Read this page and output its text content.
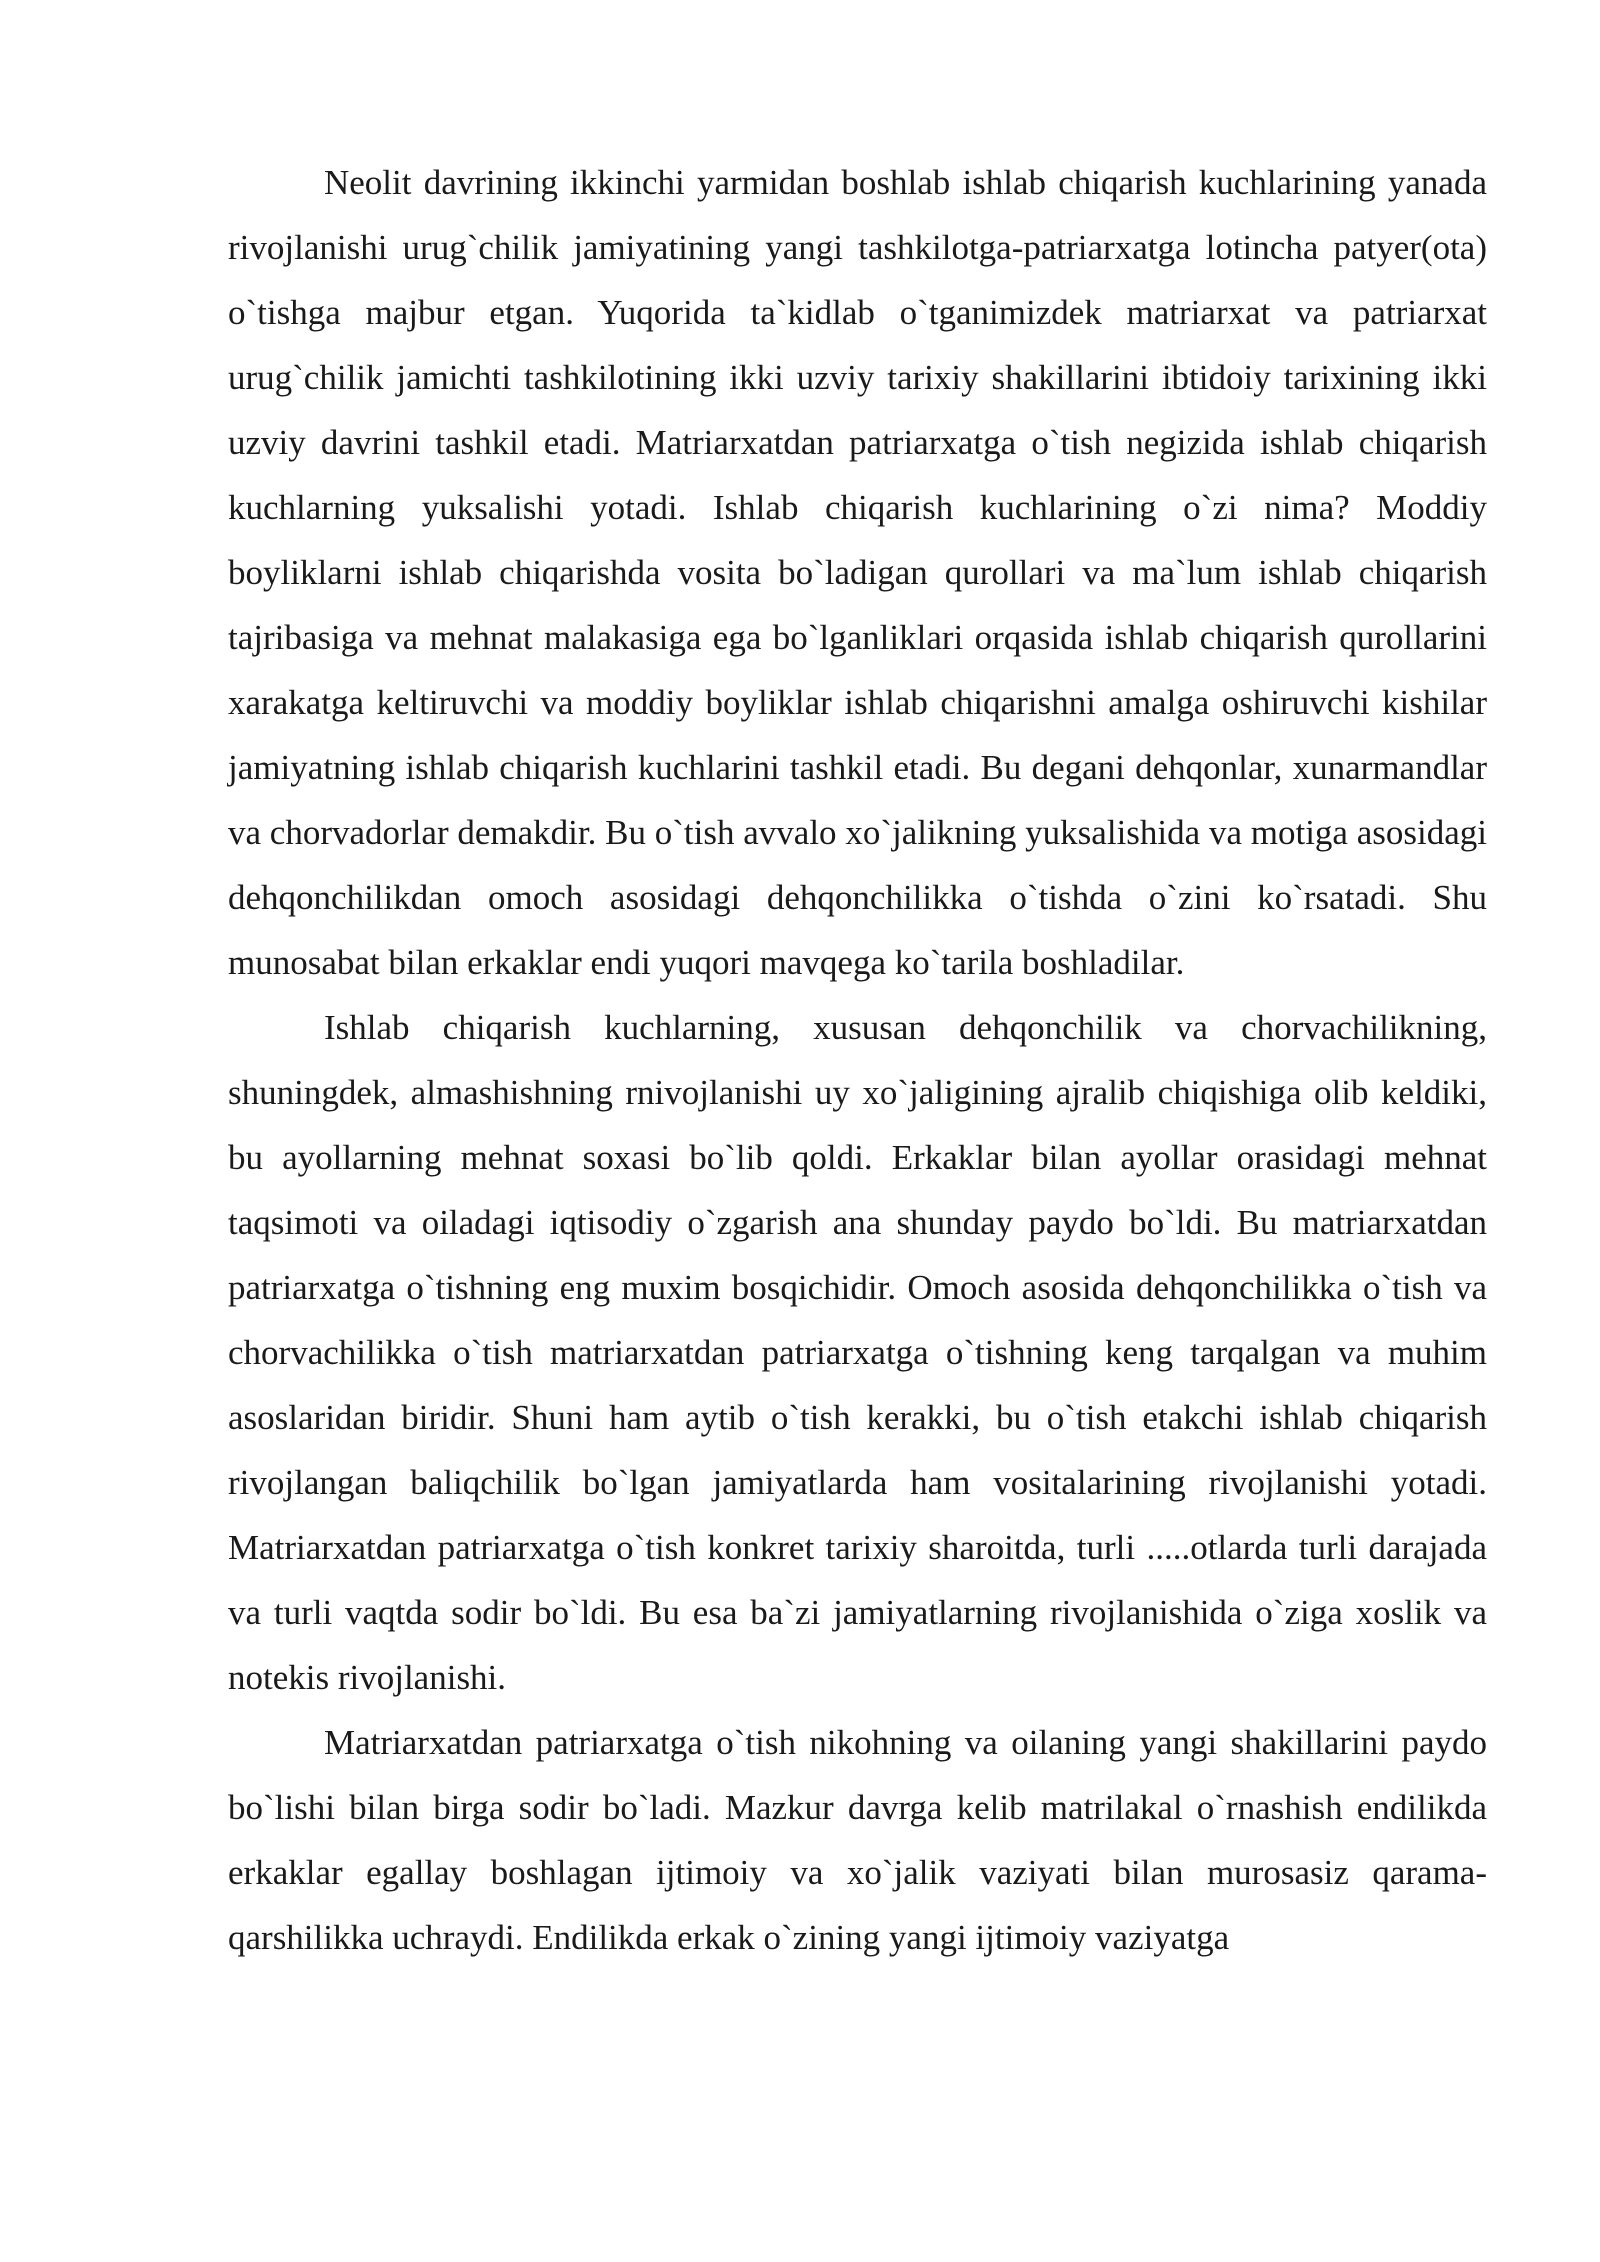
Neolit davrining ikkinchi yarmidan boshlab ishlab chiqarish kuchlarining yanada rivojlanishi urug`chilik jamiyatining yangi tashkilotga-patriarxatga lotincha patyer(ota) o`tishga majbur etgan. Yuqorida ta`kidlab o`tganimizdek matriarxat va patriarxat urug`chilik jamichti tashkilotining ikki uzviy tarixiy shakillarini ibtidoiy tarixining ikki uzviy davrini tashkil etadi. Matriarxatdan patriarxatga o`tish negizida ishlab chiqarish kuchlarning yuksalishi yotadi. Ishlab chiqarish kuchlarining o`zi nima? Moddiy boyliklarni ishlab chiqarishda vosita bo`ladigan qurollari va ma`lum ishlab chiqarish tajribasiga va mehnat malakasiga ega bo`lganliklari orqasida ishlab chiqarish qurollarini xarakatga keltiruvchi va moddiy boyliklar ishlab chiqarishni amalga oshiruvchi kishilar jamiyatning ishlab chiqarish kuchlarini tashkil etadi. Bu degani dehqonlar, xunarmandlar va chorvadorlar demakdir. Bu o`tish avvalo xo`jalikning yuksalishida va motiga asosidagi dehqonchilikdan omoch asosidagi dehqonchilikka o`tishda o`zini ko`rsatadi. Shu munosabat bilan erkaklar endi yuqori mavqega ko`tarila boshladilar.

Ishlab chiqarish kuchlarning, xususan dehqonchilik va chorvachilikning, shuningdek, almashishning rnivojlanishi uy xo`jaligining ajralib chiqishiga olib keldiki, bu ayollarning mehnat soxasi bo`lib qoldi. Erkaklar bilan ayollar orasidagi mehnat taqsimoti va oiladagi iqtisodiy o`zgarish ana shunday paydo bo`ldi. Bu matriarxatdan patriarxatga o`tishning eng muxim bosqichidir. Omoch asosida dehqonchilikka o`tish va chorvachilikka o`tish matriarxatdan patriarxatga o`tishning keng tarqalgan va muhim asoslaridan biridir. Shuni ham aytib o`tish kerakki, bu o`tish etakchi ishlab chiqarish rivojlangan baliqchilik bo`lgan jamiyatlarda ham vositalarining rivojlanishi yotadi. Matriarxatdan patriarxatga o`tish konkret tarixiy sharoitda, turli .....otlarda turli darajada va turli vaqtda sodir bo`ldi. Bu esa ba`zi jamiyatlarning rivojlanishida o`ziga xoslik va notekis rivojlanishi.

Matriarxatdan patriarxatga o`tish nikohning va oilaning yangi shakillarini paydo bo`lishi bilan birga sodir bo`ladi. Mazkur davrga kelib matrilakal o`rnashish endilikda erkaklar egallay boshlagan ijtimoiy va xo`jalik vaziyati bilan murosasiz qarama-qarshilikka uchraydi. Endilikda erkak o`zining yangi ijtimoiy vaziyatga
